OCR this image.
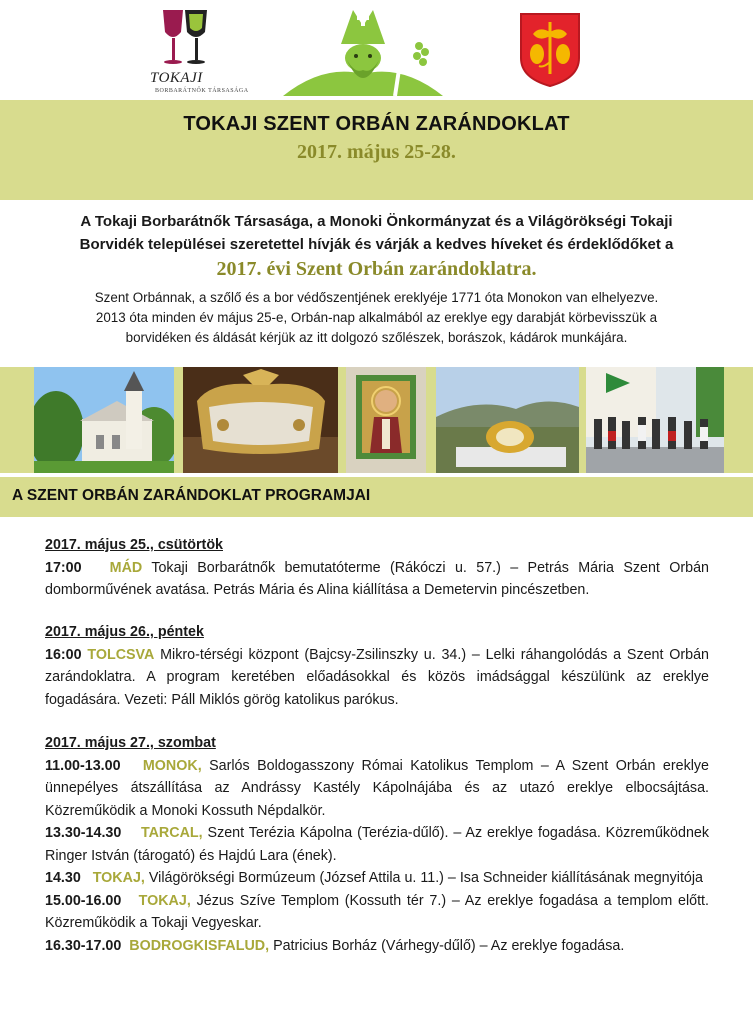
TOKAJI
BORBARÁTNŐK TÁRSASÁGA
TOKAJI SZENT ORBÁN ZARÁNDOKLAT
2017. május 25-28.
A Tokaji Borbarátnők Társasága, a Monoki Önkormányzat és a Világörökségi Tokaji
Borvidék települései szeretettel hívják és várják a kedves híveket és érdeklődőket a
2017. évi Szent Orbán zarándoklatra.
Szent Orbánnak, a szőlő és a bor védőszentjének ereklyéje 1771 óta Monokon van elhelyezve.
2013 óta minden év május 25-e, Orbán-nap alkalmából az ereklye egy darabját körbevisszük a
borvidéken és áldását kérjük az itt dolgozó szőlészek, borászok, kádárok munkájára.
A SZENT ORBÁN ZARÁNDOKLAT PROGRAMJAI
2017. május 25., csütörtök
17:00 MÁD Tokaji Borbarátnők bemutatóterme (Rákóczi u. 57.) – Petrás Mária Szent Orbán domborművének avatása. Petrás Mária és Alina kiállítása a Demetervin pincészetben.
2017. május 26., péntek
16:00 TOLCSVA Mikro-térségi központ (Bajcsy-Zsilinszky u. 34.) – Lelki ráhangolódás a Szent Orbán zarándoklatra. A program keretében előadásokkal és közös imádsággal készülünk az ereklye fogadására. Vezeti: Páll Miklós görög katolikus parókus.
2017. május 27., szombat
11.00-13.00 MONOK, Sarlós Boldogasszony Római Katolikus Templom – A Szent Orbán ereklye ünnepélyes átszállítása az Andrássy Kastély Kápolnájába és az utazó ereklye elbocsájtása. Közreműködik a Monoki Kossuth Népdalkör.
13.30-14.30 TARCAL, Szent Terézia Kápolna (Terézia-dűlő). – Az ereklye fogadása. Közreműködnek Ringer István (tárogató) és Hajdú Lara (ének).
14.30 TOKAJ, Világörökségi Bormúzeum (József Attila u. 11.) – Isa Schneider kiállításának megnyitója
15.00-16.00 TOKAJ, Jézus Szíve Templom (Kossuth tér 7.) – Az ereklye fogadása a templom előtt. Közreműködik a Tokaji Vegyeskar.
16.30-17.00 BODROGKISFALUD, Patricius Borház (Várhegy-dűlő) – Az ereklye fogadása.
